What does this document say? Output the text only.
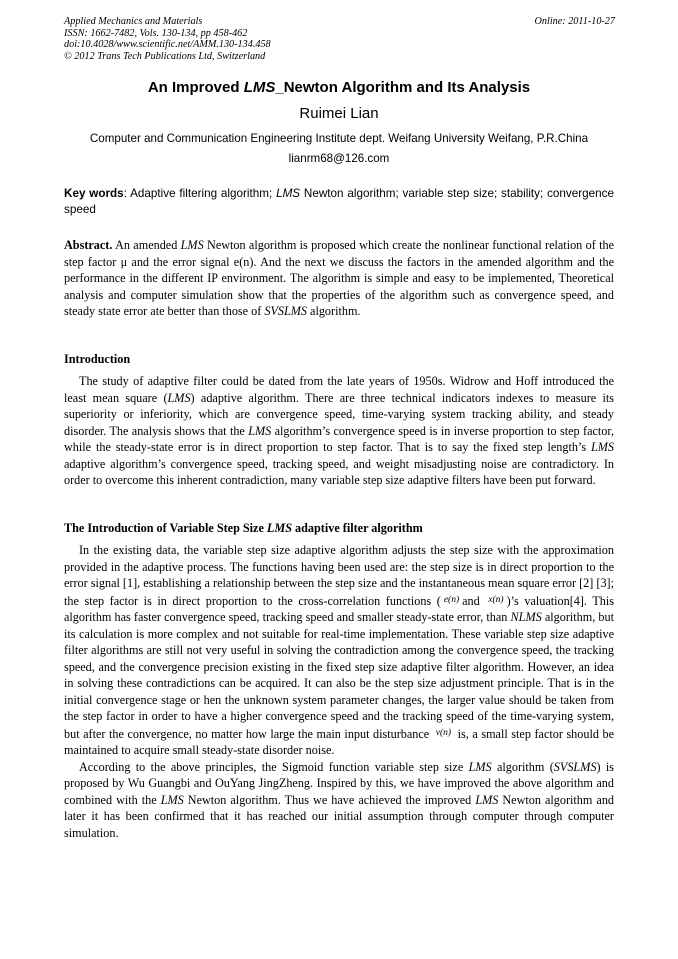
Applied Mechanics and Materials
ISSN: 1662-7482, Vols. 130-134, pp 458-462
doi:10.4028/www.scientific.net/AMM.130-134.458
© 2012 Trans Tech Publications Ltd, Switzerland
Online: 2011-10-27
An Improved LMS_Newton Algorithm and Its Analysis
Ruimei Lian
Computer and Communication Engineering Institute dept. Weifang University Weifang, P.R.China
lianrm68@126.com
Key words: Adaptive filtering algorithm; LMS Newton algorithm; variable step size; stability; convergence speed
Abstract. An amended LMS Newton algorithm is proposed which create the nonlinear functional relation of the step factor μ and the error signal e(n). And the next we discuss the factors in the amended algorithm and the performance in the different IP environment. The algorithm is simple and easy to be implemented, Theoretical analysis and computer simulation show that the properties of the algorithm such as convergence speed, and steady state error ate better than those of SVSLMS algorithm.
Introduction

The study of adaptive filter could be dated from the late years of 1950s. Widrow and Hoff introduced the least mean square (LMS) adaptive algorithm. There are three technical indicators indexes to measure its superiority or inferiority, which are convergence speed, time-varying system tracking ability, and steady disorder. The analysis shows that the LMS algorithm’s convergence speed is in inverse proportion to step factor, while the steady-state error is in direct proportion to step factor. That is to say the fixed step length’s LMS adaptive algorithm’s convergence speed, tracking speed, and weight misadjusting noise are contradictory. In order to overcome this inherent contradiction, many variable step size adaptive filters have been put forward.

The Introduction of Variable Step Size LMS adaptive filter algorithm

In the existing data, the variable step size adaptive algorithm adjusts the step size with the approximation provided in the adaptive process. The functions having been used are: the step size is in direct proportion to the error signal [1], establishing a relationship between the step size and the instantaneous mean square error [2] [3]; the step factor is in direct proportion to the cross-correlation functions ( $^{e(n)}$ and $^{x(n)}$ )’s valuation[4]. This algorithm has faster convergence speed, tracking speed and smaller steady-state error, than NLMS algorithm, but its calculation is more complex and not suitable for real-time implementation. These variable step size adaptive filter algorithms are still not very useful in solving the contradiction among the convergence speed, the tracking speed, and the convergence precision existing in the fixed step size adaptive filter algorithm. However, an idea in solving these contradictions can be acquired. It can also be the step size adjustment principle. That is in the initial convergence stage or hen the unknown system parameter changes, the larger value should be taken from the step factor in order to have a higher convergence speed and the tracking speed of the time-varying system, but after the convergence, no matter how large the main input disturbance $^{v(n)}$ is, a small step factor should be maintained to acquire small steady-state disorder noise.

According to the above principles, the Sigmoid function variable step size LMS algorithm (SVSLMS) is proposed by Wu Guangbi and OuYang JingZheng. Inspired by this, we have improved the above algorithm and combined with the LMS Newton algorithm. Thus we have achieved the improved LMS Newton algorithm and later it has been confirmed that it has reached our initial assumption through computer through computer simulation.
